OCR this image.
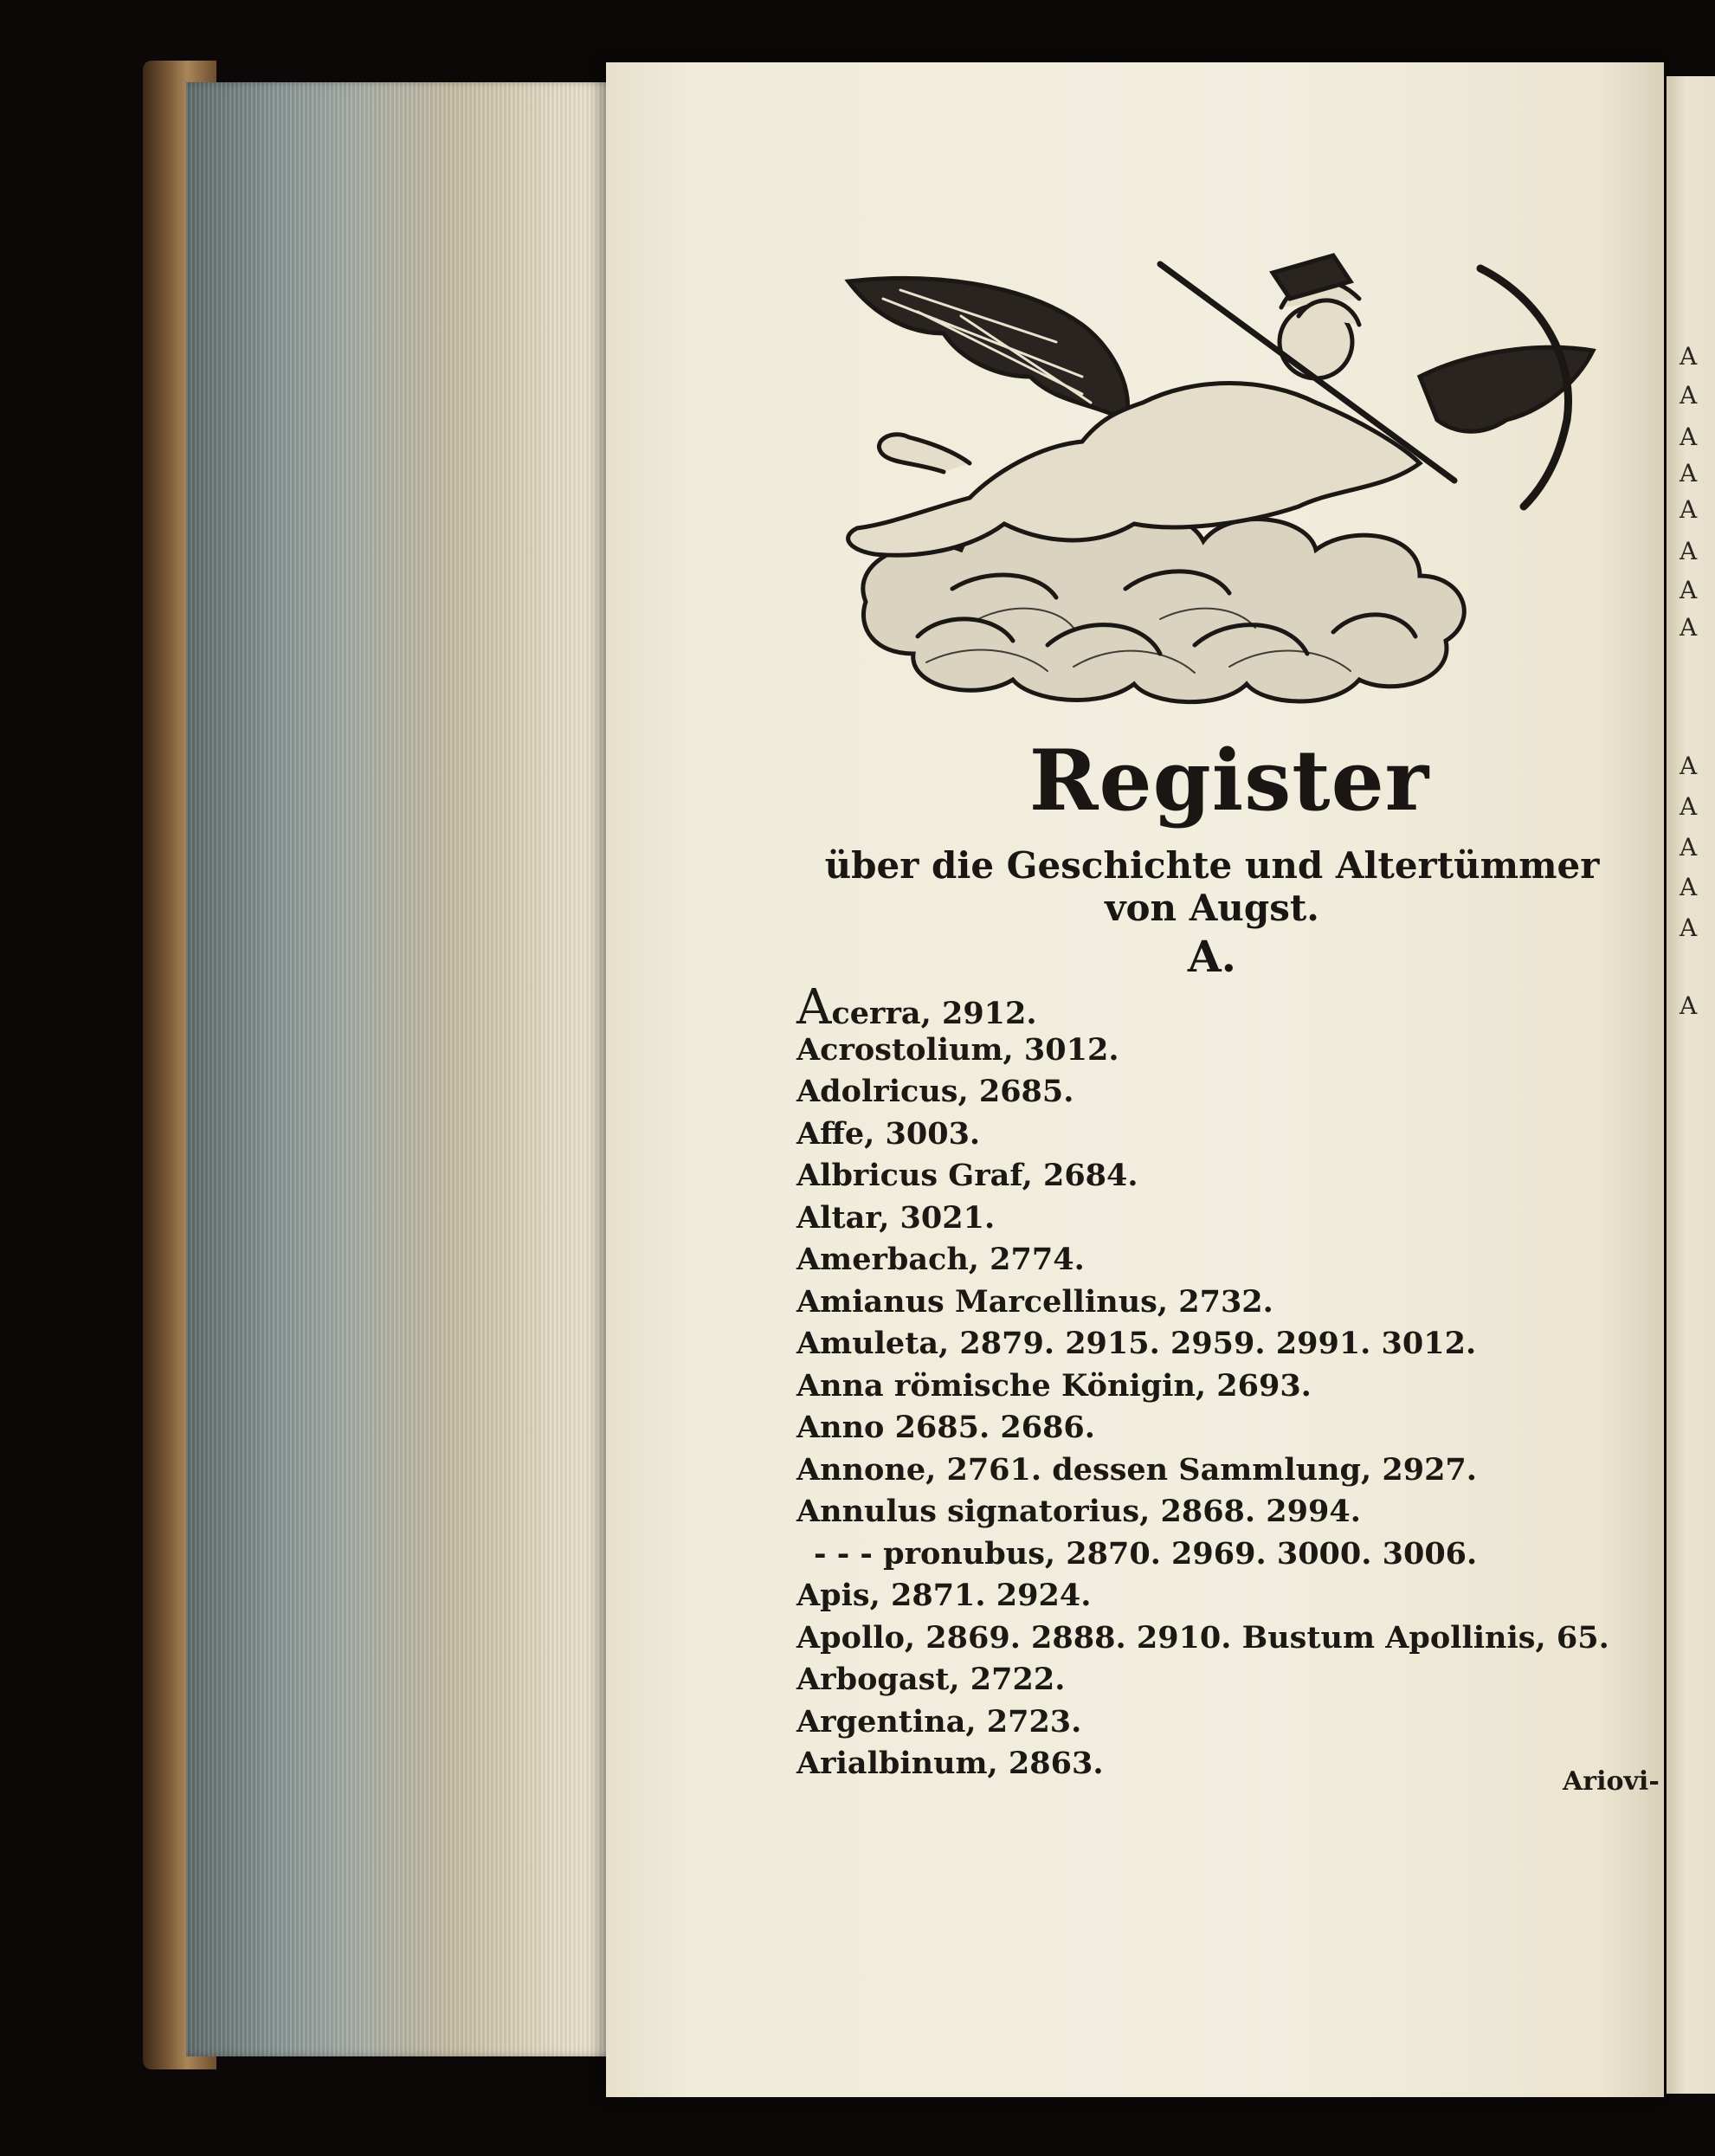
A
A
A
A
A
A
A
A
A
A
A
A
A
A
Register
über die Geschichte und Altertümmer von Augst.
A.
Acerra, 2912.
Acrostolium, 3012.
Adolricus, 2685.
Affe, 3003.
Albricus Graf, 2684.
Altar, 3021.
Amerbach, 2774.
Amianus Marcellinus, 2732.
Amuleta, 2879. 2915. 2959. 2991. 3012.
Anna römische Königin, 2693.
Anno 2685. 2686.
Annone, 2761. dessen Sammlung, 2927.
Annulus signatorius, 2868. 2994.
- - - pronubus, 2870. 2969. 3000. 3006.
Apis, 2871. 2924.
Apollo, 2869. 2888. 2910. Bustum Apollinis, 65.
Arbogast, 2722.
Argentina, 2723.
Arialbinum, 2863.
Ariovi-
